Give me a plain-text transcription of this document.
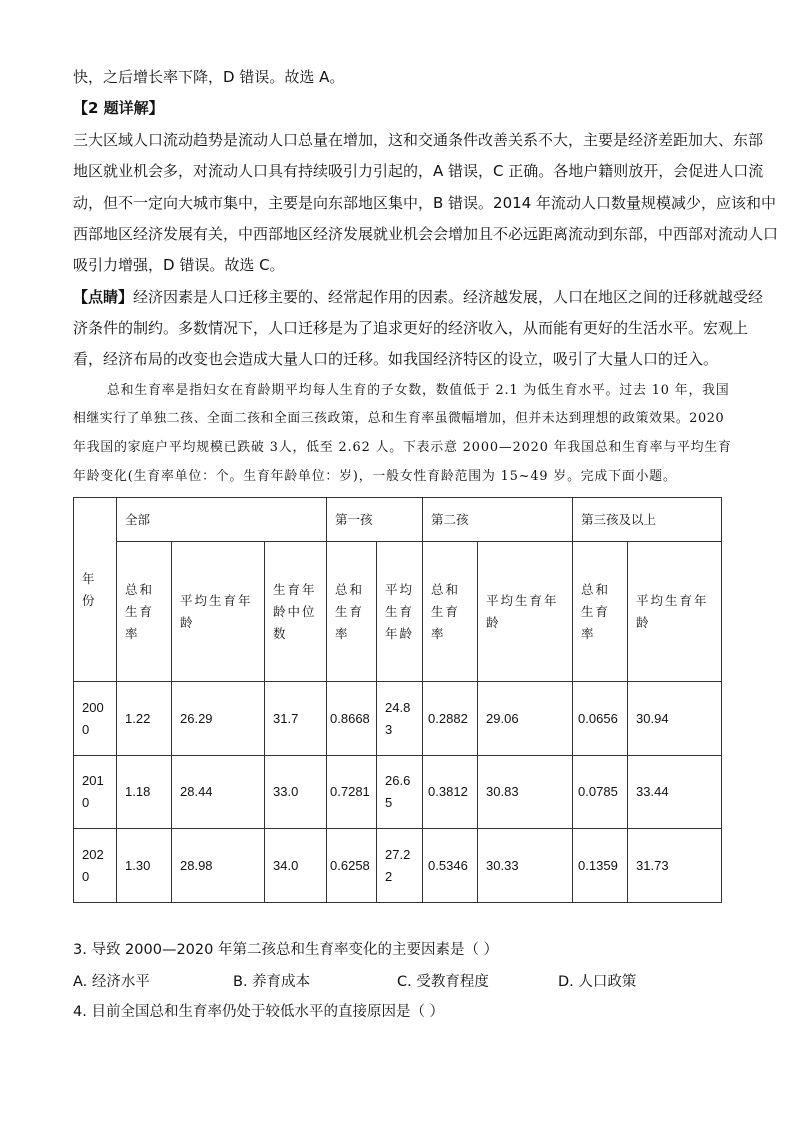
快，之后增长率下降，D 错误。故选 A。
【2 题详解】
三大区域人口流动趋势是流动人口总量在增加，这和交通条件改善关系不大，主要是经济差距加大、东部
地区就业机会多，对流动人口具有持续吸引力引起的，A 错误，C 正确。各地户籍则放开，会促进人口流
动，但不一定向大城市集中，主要是向东部地区集中，B 错误。2014 年流动人口数量规模减少，应该和中
西部地区经济发展有关，中西部地区经济发展就业机会会增加且不必远距离流动到东部，中西部对流动人口
吸引力增强，D 错误。故选 C。
【点睛】经济因素是人口迁移主要的、经常起作用的因素。经济越发展，人口在地区之间的迁移就越受经
济条件的制约。多数情况下，人口迁移是为了追求更好的经济收入，从而能有更好的生活水平。宏观上
看，经济布局的改变也会造成大量人口的迁移。如我国经济特区的设立，吸引了大量人口的迁入。
总和生育率是指妇女在育龄期平均每人生育的子女数，数值低于 2.1 为低生育水平。过去 10 年，我国
相继实行了单独二孩、全面二孩和全面三孩政策，总和生育率虽微幅增加，但并未达到理想的政策效果。2020
年我国的家庭户平均规模已跌破 3人，低至 2.62 人。下表示意 2000—2020 年我国总和生育率与平均生育
年龄变化(生育率单位：个。生育年龄单位：岁)，一般女性育龄范围为 15~49 岁。完成下面小题。
年份	全部			第一孩		第二孩		第三孩及以上	
	总和生育率	平均生育年龄	生育年龄中位数	总和生育率	平均生育年龄	总和生育率	平均生育年龄	总和生育率	平均生育年龄
2000	1.22	26.29	31.7	0.8668	24.83	0.2882	29.06	0.0656	30.94
2010	1.18	28.44	33.0	0.7281	26.65	0.3812	30.83	0.0785	33.44
2020	1.30	28.98	34.0	0.6258	27.22	0.5346	30.33	0.1359	31.73
3. 导致 2000—2020 年第二孩总和生育率变化的主要因素是（ ）
A. 经济水平	B. 养育成本	C. 受教育程度	D. 人口政策
4. 目前全国总和生育率仍处于较低水平的直接原因是（ ）
